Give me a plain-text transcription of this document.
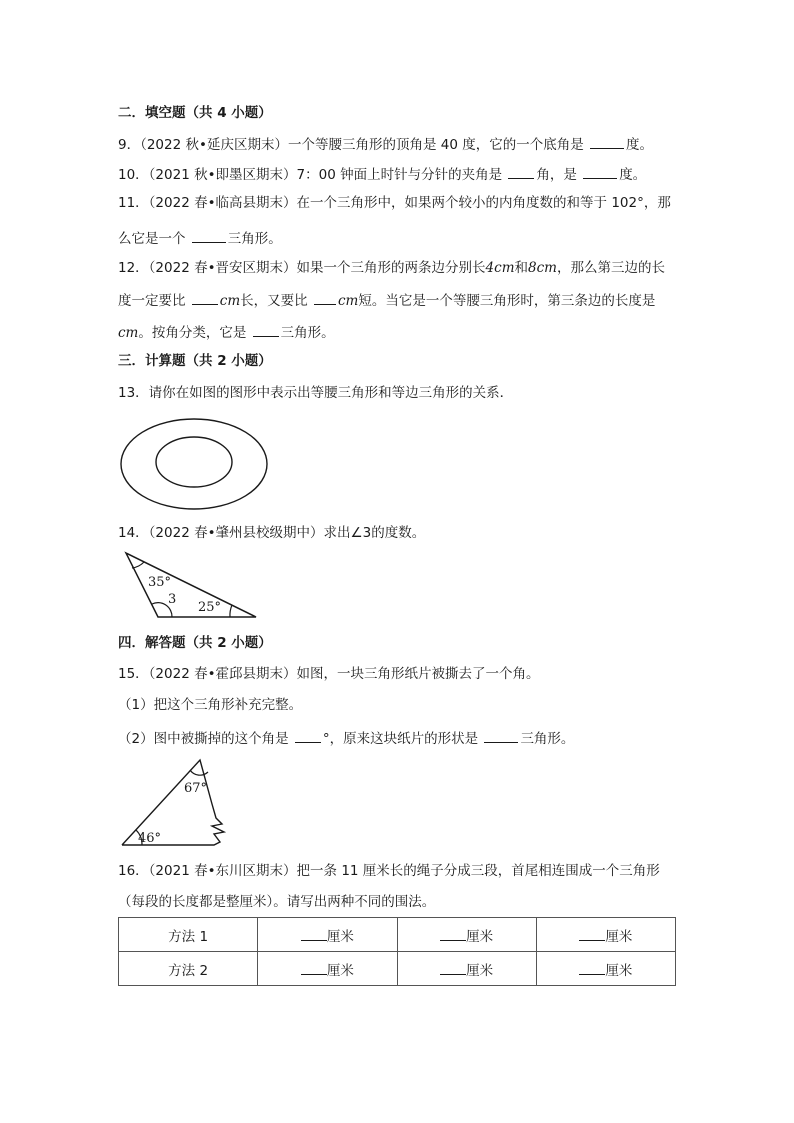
二．填空题（共 4 小题）
9．（2022 秋•延庆区期末）一个等腰三角形的顶角是 40 度，它的一个底角是	度。
10．（2021 秋•即墨区期末）7：00 钟面上时针与分针的夹角是 角，是	度。
11．（2022 春•临高县期末）在一个三角形中，如果两个较小的内角度数的和等于 102°，那
么它是一个	三角形。
12．（2022 春•晋安区期末）如果一个三角形的两条边分别长4cm和8cm，那么第三边的长
度一定要比 cm长，又要比 cm短。当它是一个等腰三角形时，第三条边的长度是
cm。按角分类，它是 三角形。
三．计算题（共 2 小题）
13．请你在如图的图形中表示出等腰三角形和等边三角形的关系．
14．（2022 春•肇州县校级期中）求出∠3的度数。
35°
3
25°
四．解答题（共 2 小题）
15．（2022 春•霍邱县期末）如图，一块三角形纸片被撕去了一个角。
（1）把这个三角形补充完整。
（2）图中被撕掉的这个角是 °，原来这块纸片的形状是	三角形。
67°
46°
16．（2021 春•东川区期末）把一条 11 厘米长的绳子分成三段，首尾相连围成一个三角形
（每段的长度都是整厘米）。请写出两种不同的围法。
方法 1	厘米	厘米	厘米
方法 2	厘米	厘米	厘米
